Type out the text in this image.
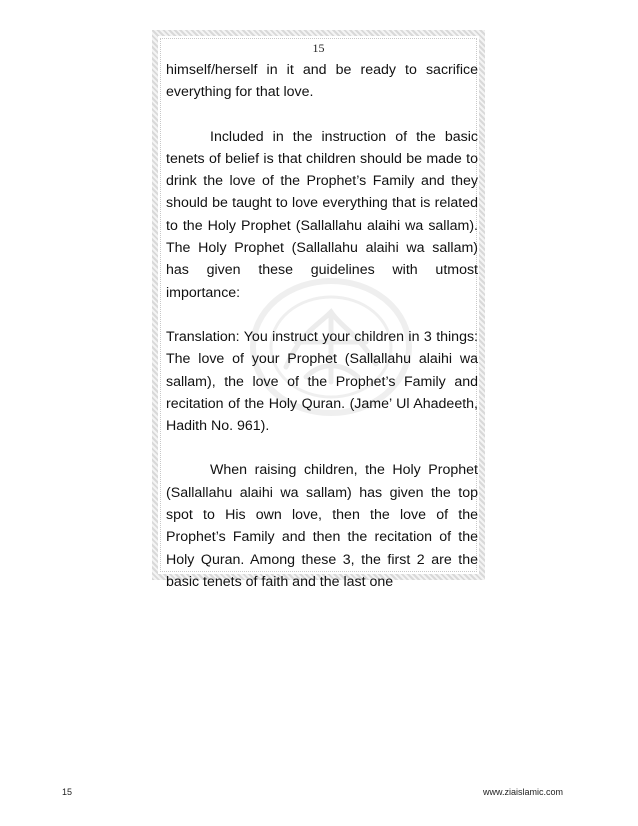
15

himself/herself in it and be ready to sacrifice everything for that love.

Included in the instruction of the basic tenets of belief is that children should be made to drink the love of the Prophet’s Family and they should be taught to love everything that is related to the Holy Prophet (Sallallahu alaihi wa sallam). The Holy Prophet (Sallallahu alaihi wa sallam) has given these guidelines with utmost importance:

Translation: You instruct your children in 3 things: The love of your Prophet (Sallallahu alaihi wa sallam), the love of the Prophet’s Family and recitation of the Holy Quran. (Jame’ Ul Ahadeeth, Hadith No. 961).

When raising children, the Holy Prophet (Sallallahu alaihi wa sallam) has given the top spot to His own love, then the love of the Prophet’s Family and then the recitation of the Holy Quran. Among these 3, the first 2 are the basic tenets of faith and the last one

15	www.ziaislamic.com
